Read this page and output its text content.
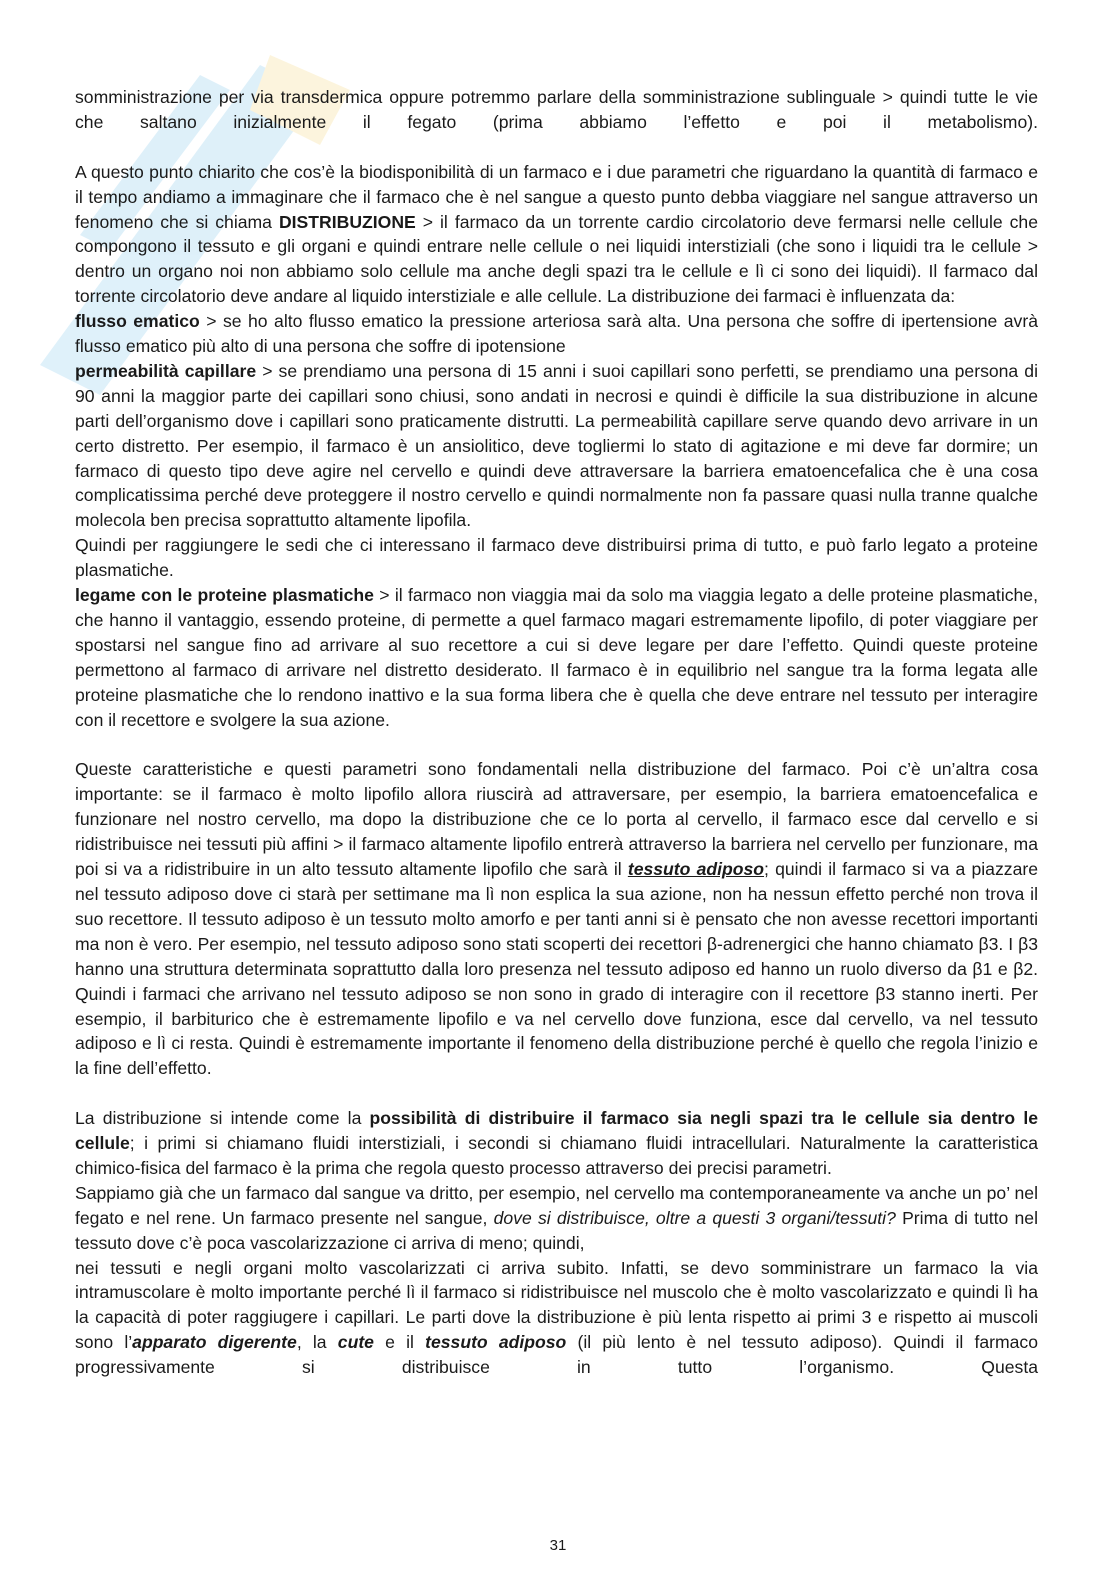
somministrazione per via transdermica oppure potremmo parlare della somministrazione sublinguale > quindi tutte le vie che saltano inizialmente il fegato (prima abbiamo l’effetto e poi il metabolismo).

A questo punto chiarito che cos’è la biodisponibilità di un farmaco e i due parametri che riguardano la quantità di farmaco e il tempo andiamo a immaginare che il farmaco che è nel sangue a questo punto debba viaggiare nel sangue attraverso un fenomeno che si chiama DISTRIBUZIONE > il farmaco da un torrente cardio circolatorio deve fermarsi nelle cellule che compongono il tessuto e gli organi e quindi entrare nelle cellule o nei liquidi interstiziali (che sono i liquidi tra le cellule > dentro un organo noi non abbiamo solo cellule ma anche degli spazi tra le cellule e lì ci sono dei liquidi). Il farmaco dal torrente circolatorio deve andare al liquido interstiziale e alle cellule. La distribuzione dei farmaci è influenzata da:

flusso ematico > se ho alto flusso ematico la pressione arteriosa sarà alta. Una persona che soffre di ipertensione avrà flusso ematico più alto di una persona che soffre di ipotensione

permeabilità capillare > se prendiamo una persona di 15 anni i suoi capillari sono perfetti, se prendiamo una persona di 90 anni la maggior parte dei capillari sono chiusi, sono andati in necrosi e quindi è difficile la sua distribuzione in alcune parti dell’organismo dove i capillari sono praticamente distrutti. La permeabilità capillare serve quando devo arrivare in un certo distretto. Per esempio, il farmaco è un ansiolitico, deve togliermi lo stato di agitazione e mi deve far dormire; un farmaco di questo tipo deve agire nel cervello e quindi deve attraversare la barriera ematoencefalica che è una cosa complicatissima perché deve proteggere il nostro cervello e quindi normalmente non fa passare quasi nulla tranne qualche molecola ben precisa soprattutto altamente lipofila.

Quindi per raggiungere le sedi che ci interessano il farmaco deve distribuirsi prima di tutto, e può farlo legato a proteine plasmatiche.

legame con le proteine plasmatiche > il farmaco non viaggia mai da solo ma viaggia legato a delle proteine plasmatiche, che hanno il vantaggio, essendo proteine, di permette a quel farmaco magari estremamente lipofilo, di poter viaggiare per spostarsi nel sangue fino ad arrivare al suo recettore a cui si deve legare per dare l’effetto. Quindi queste proteine permettono al farmaco di arrivare nel distretto desiderato. Il farmaco è in equilibrio nel sangue tra la forma legata alle proteine plasmatiche che lo rendono inattivo e la sua forma libera che è quella che deve entrare nel tessuto per interagire con il recettore e svolgere la sua azione.

Queste caratteristiche e questi parametri sono fondamentali nella distribuzione del farmaco. Poi c’è un’altra cosa importante: se il farmaco è molto lipofilo allora riuscirà ad attraversare, per esempio, la barriera ematoencefalica e funzionare nel nostro cervello, ma dopo la distribuzione che ce lo porta al cervello, il farmaco esce dal cervello e si ridistribuisce nei tessuti più affini > il farmaco altamente lipofilo entrerà attraverso la barriera nel cervello per funzionare, ma poi si va a ridistribuire in un alto tessuto altamente lipofilo che sarà il tessuto adiposo; quindi il farmaco si va a piazzare nel tessuto adiposo dove ci starà per settimane ma lì non esplica la sua azione, non ha nessun effetto perché non trova il suo recettore. Il tessuto adiposo è un tessuto molto amorfo e per tanti anni si è pensato che non avesse recettori importanti ma non è vero. Per esempio, nel tessuto adiposo sono stati scoperti dei recettori β-adrenergici che hanno chiamato β3. I β3 hanno una struttura determinata soprattutto dalla loro presenza nel tessuto adiposo ed hanno un ruolo diverso da β1 e β2. Quindi i farmaci che arrivano nel tessuto adiposo se non sono in grado di interagire con il recettore β3 stanno inerti. Per esempio, il barbiturico che è estremamente lipofilo e va nel cervello dove funziona, esce dal cervello, va nel tessuto adiposo e lì ci resta. Quindi è estremamente importante il fenomeno della distribuzione perché è quello che regola l’inizio e la fine dell’effetto.

La distribuzione si intende come la possibilità di distribuire il farmaco sia negli spazi tra le cellule sia dentro le cellule; i primi si chiamano fluidi interstiziali, i secondi si chiamano fluidi intracellulari. Naturalmente la caratteristica chimico-fisica del farmaco è la prima che regola questo processo attraverso dei precisi parametri.

Sappiamo già che un farmaco dal sangue va dritto, per esempio, nel cervello ma contemporaneamente va anche un po’ nel fegato e nel rene. Un farmaco presente nel sangue, dove si distribuisce, oltre a questi 3 organi/tessuti? Prima di tutto nel tessuto dove c’è poca vascolarizzazione ci arriva di meno; quindi,

nei tessuti e negli organi molto vascolarizzati ci arriva subito. Infatti, se devo somministrare un farmaco la via intramuscolare è molto importante perché lì il farmaco si ridistribuisce nel muscolo che è molto vascolarizzato e quindi lì ha la capacità di poter raggiugere i capillari. Le parti dove la distribuzione è più lenta rispetto ai primi 3 e rispetto ai muscoli sono l’apparato digerente, la cute e il tessuto adiposo (il più lento è nel tessuto adiposo). Quindi il farmaco progressivamente si distribuisce in tutto l’organismo. Questa

31
